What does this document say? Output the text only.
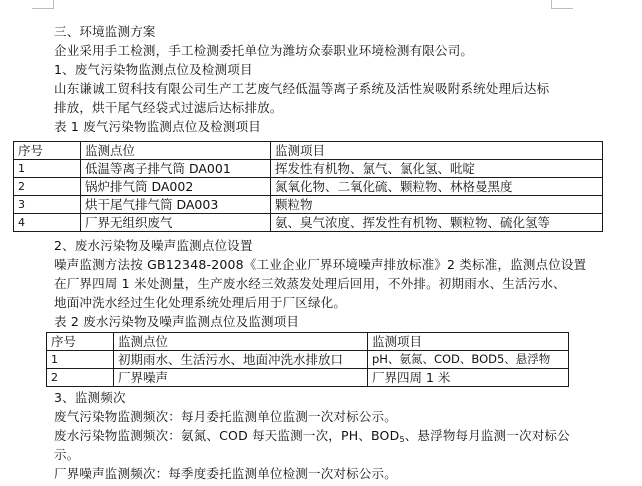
三、环境监测方案
企业采用手工检测，手工检测委托单位为潍坊众泰职业环境检测有限公司。
1、废气污染物监测点位及检测项目
山东谦诚工贸科技有限公司生产工艺废气经低温等离子系统及活性炭吸附系统处理后达标
排放，烘干尾气经袋式过滤后达标排放。
表 1 废气污染物监测点位及检测项目
序号	监测点位	监测项目
1	低温等离子排气筒 DA001	挥发性有机物、氯气、氯化氢、吡啶
2	锅炉排气筒 DA002	氮氧化物、二氧化硫、颗粒物、林格曼黑度
3	烘干尾气排气筒 DA003	颗粒物
4	厂界无组织废气	氨、臭气浓度、挥发性有机物、颗粒物、硫化氢等
2、废水污染物及噪声监测点位设置
噪声监测方法按 GB12348-2008《工业企业厂界环境噪声排放标准》2 类标准，监测点位设置
在厂界四周 1 米处测量，生产废水经三效蒸发处理后回用，不外排。初期雨水、生活污水、
地面冲洗水经过生化处理系统处理后用于厂区绿化。
表 2 废水污染物及噪声监测点位及监测项目
序号	监测点位	监测项目
1	初期雨水、生活污水、地面冲洗水排放口	pH、氨氮、COD、BOD5、悬浮物
2	厂界噪声	厂界四周 1 米
3、监测频次
废气污染物监测频次：每月委托监测单位监测一次对标公示。
废水污染物监测频次：氨氮、COD 每天监测一次，PH、$BOD_5$、悬浮物每月监测一次对标公
示。
厂界噪声监测频次：每季度委托监测单位检测一次对标公示。
